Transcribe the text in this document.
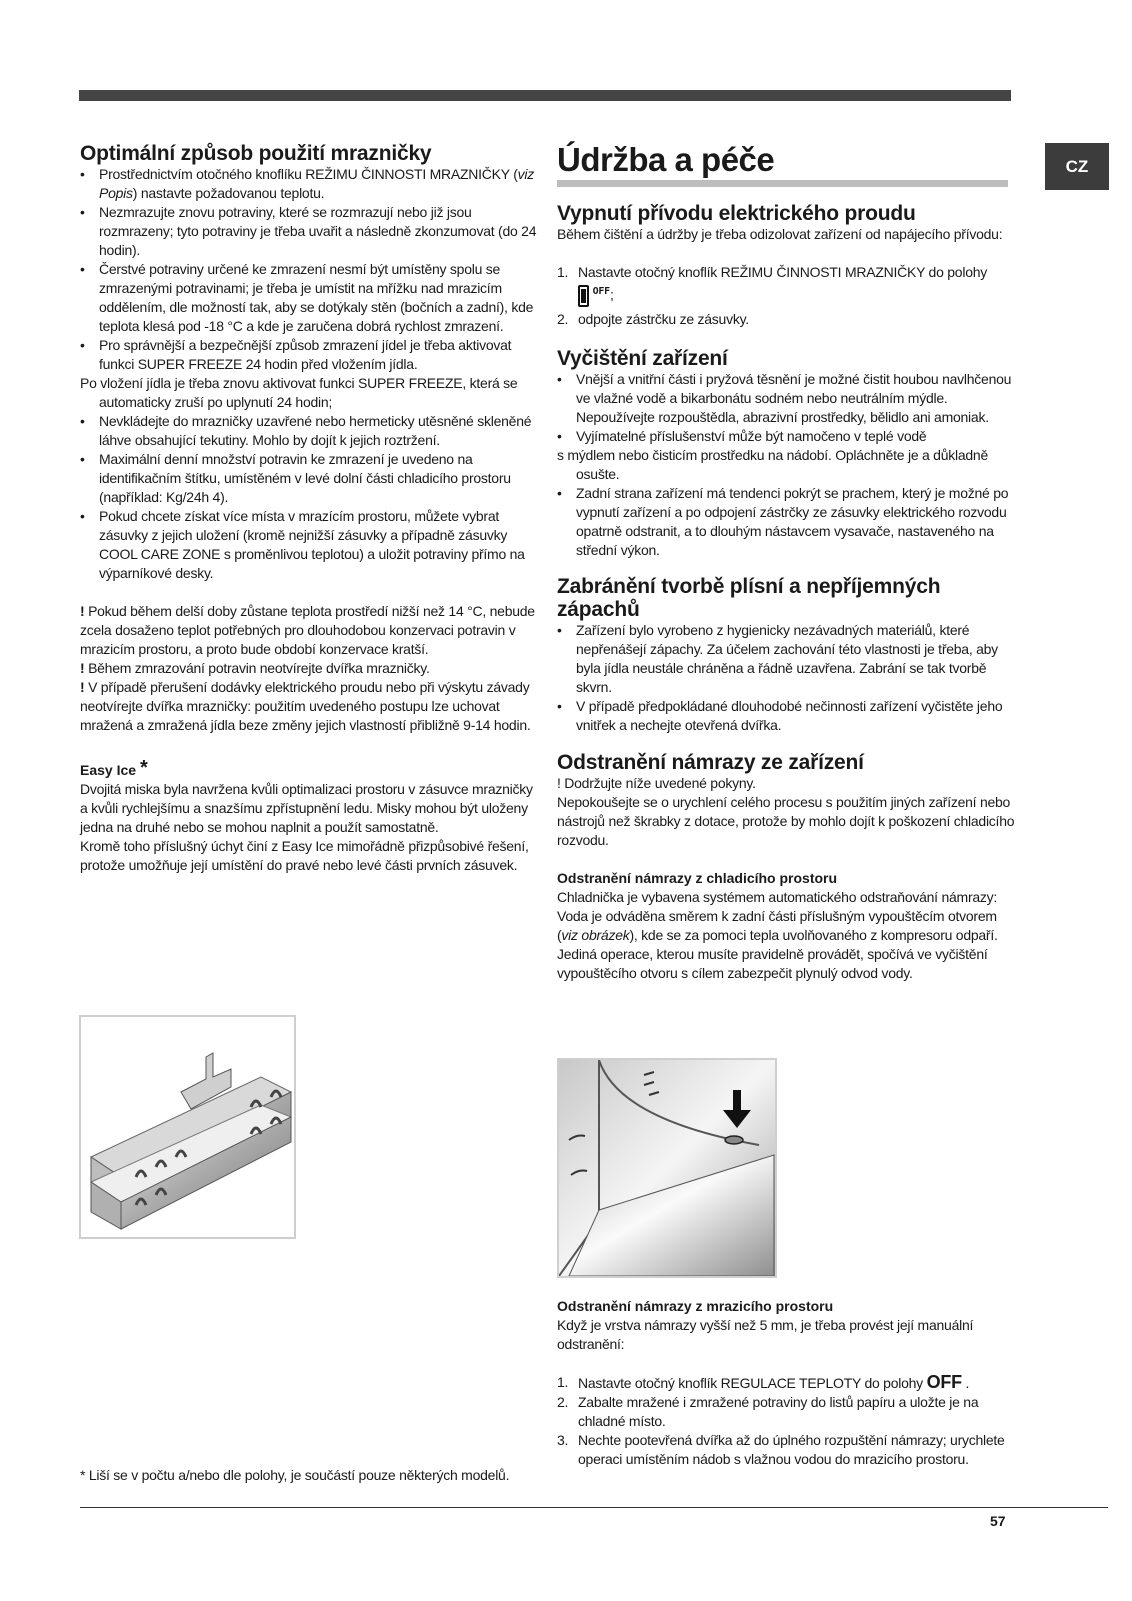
CZ
Optimální způsob použití mrazničky
• Prostřednictvím otočného knoflíku REŽIMU ČINNOSTI MRAZNIČKY (viz Popis) nastavte požadovanou teplotu.
• Nezmrazujte znovu potraviny, které se rozmrazují nebo již jsou rozmrazeny; tyto potraviny je třeba uvařit a následně zkonzumovat (do 24 hodin).
• Čerstvé potraviny určené ke zmrazení nesmí být umístěny spolu se zmrazenými potravinami; je třeba je umístit na mřížku nad mrazicím oddělením, dle možností tak, aby se dotýkaly stěn (bočních a zadní), kde teplota klesá pod -18 °C a kde je zaručena dobrá rychlost zmrazení.
• Pro správnější a bezpečnější způsob zmrazení jídel je třeba aktivovat funkci SUPER FREEZE 24 hodin před vložením jídla.

Po vložení jídla je třeba znovu aktivovat funkci SUPER FREEZE, která se automaticky zruší po uplynutí 24 hodin;

• Nevkládejte do mrazničky uzavřené nebo hermeticky utěsněné skleněné láhve obsahující tekutiny. Mohlo by dojít k jejich roztržení.
• Maximální denní množství potravin ke zmrazení je uvedeno na identifikačním štítku, umístěném v levé dolní části chladicího prostoru (například: Kg/24h 4).
• Pokud chcete získat více místa v mrazícím prostoru, můžete vybrat zásuvky z jejich uložení (kromě nejnižší zásuvky a případně zásuvky COOL CARE ZONE s proměnlivou teplotou) a uložit potraviny přímo na výparníkové desky.

! Pokud během delší doby zůstane teplota prostředí nižší než 14 °C, nebude zcela dosaženo teplot potřebných pro dlouhodobou konzervaci potravin v mrazicím prostoru, a proto bude období konzervace kratší.

! Během zmrazování potravin neotvírejte dvířka mrazničky.

! V případě přerušení dodávky elektrického proudu nebo při výskytu závady neotvírejte dvířka mrazničky: použitím uvedeného postupu lze uchovat mražená a zmražená jídla beze změny jejich vlastností přibližně 9-14 hodin.

Easy Ice *

Dvojitá miska byla navržena kvůli optimalizaci prostoru v zásuvce mrazničky a kvůli rychlejšímu a snazšímu zpřístupnění ledu. Misky mohou být uloženy jedna na druhé nebo se mohou naplnit a použít samostatně.

Kromě toho příslušný úchyt činí z Easy Ice mimořádně přizpůsobivé řešení, protože umožňuje její umístění do pravé nebo levé části prvních zásuvek.

* Liší se v počtu a/nebo dle polohy, je součástí pouze některých modelů.
Údržba a péče
Vypnutí přívodu elektrického proudu

Během čištění a údržby je třeba odizolovat zařízení od napájecího přívodu:

1. Nastavte otočný knoflík REŽIMU ČINNOSTI MRAZNIČKY do polohy
$^{OFF}$;
2. odpojte zástrčku ze zásuvky.
Vyčištění zařízení
• Vnější a vnitřní části i pryžová těsnění je možné čistit houbou navlhčenou ve vlažné vodě a bikarbonátu sodném nebo neutrálním mýdle. Nepoužívejte rozpouštědla, abrazivní prostředky, bělidlo ani amoniak.
• Vyjímatelné příslušenství může být namočeno v teplé vodě

s mýdlem nebo čisticím prostředku na nádobí. Opláchněte je a důkladně osušte.

• Zadní strana zařízení má tendenci pokrýt se prachem, který je možné po vypnutí zařízení a po odpojení zástrčky ze zásuvky elektrického rozvodu opatrně odstranit, a to dlouhým nástavcem vysavače, nastaveného na střední výkon.
Zabránění tvorbě plísní a nepříjemných zápachů
• Zařízení bylo vyrobeno z hygienicky nezávadných materiálů, které nepřenášejí zápachy. Za účelem zachování této vlastnosti je třeba, aby byla jídla neustále chráněna a řádně uzavřena. Zabrání se tak tvorbě skvrn.
• V případě předpokládané dlouhodobé nečinnosti zařízení vyčistěte jeho vnitřek a nechejte otevřená dvířka.
Odstranění námrazy ze zařízení

! Dodržujte níže uvedené pokyny.

Nepokoušejte se o urychlení celého procesu s použitím jiných zařízení nebo nástrojů než škrabky z dotace, protože by mohlo dojít k poškození chladicího rozvodu.

Odstranění námrazy z chladicího prostoru

Chladnička je vybavena systémem automatického odstraňování námrazy: Voda je odváděna směrem k zadní části příslušným vypouštěcím otvorem (viz obrázek), kde se za pomoci tepla uvolňovaného z kompresoru odpaří. Jediná operace, kterou musíte pravidelně provádět, spočívá ve vyčištění vypouštěcího otvoru s cílem zabezpečit plynulý odvod vody.

Odstranění námrazy z mrazicího prostoru

Když je vrstva námrazy vyšší než 5 mm, je třeba provést její manuální odstranění:

1. Nastavte otočný knoflík REGULACE TEPLOTY do polohy OFF .
2. Zabalte mražené i zmražené potraviny do listů papíru a uložte je na chladné místo.
3. Nechte pootevřená dvířka až do úplného rozpuštění námrazy; urychlete operaci umístěním nádob s vlažnou vodou do mrazicího prostoru.
57
